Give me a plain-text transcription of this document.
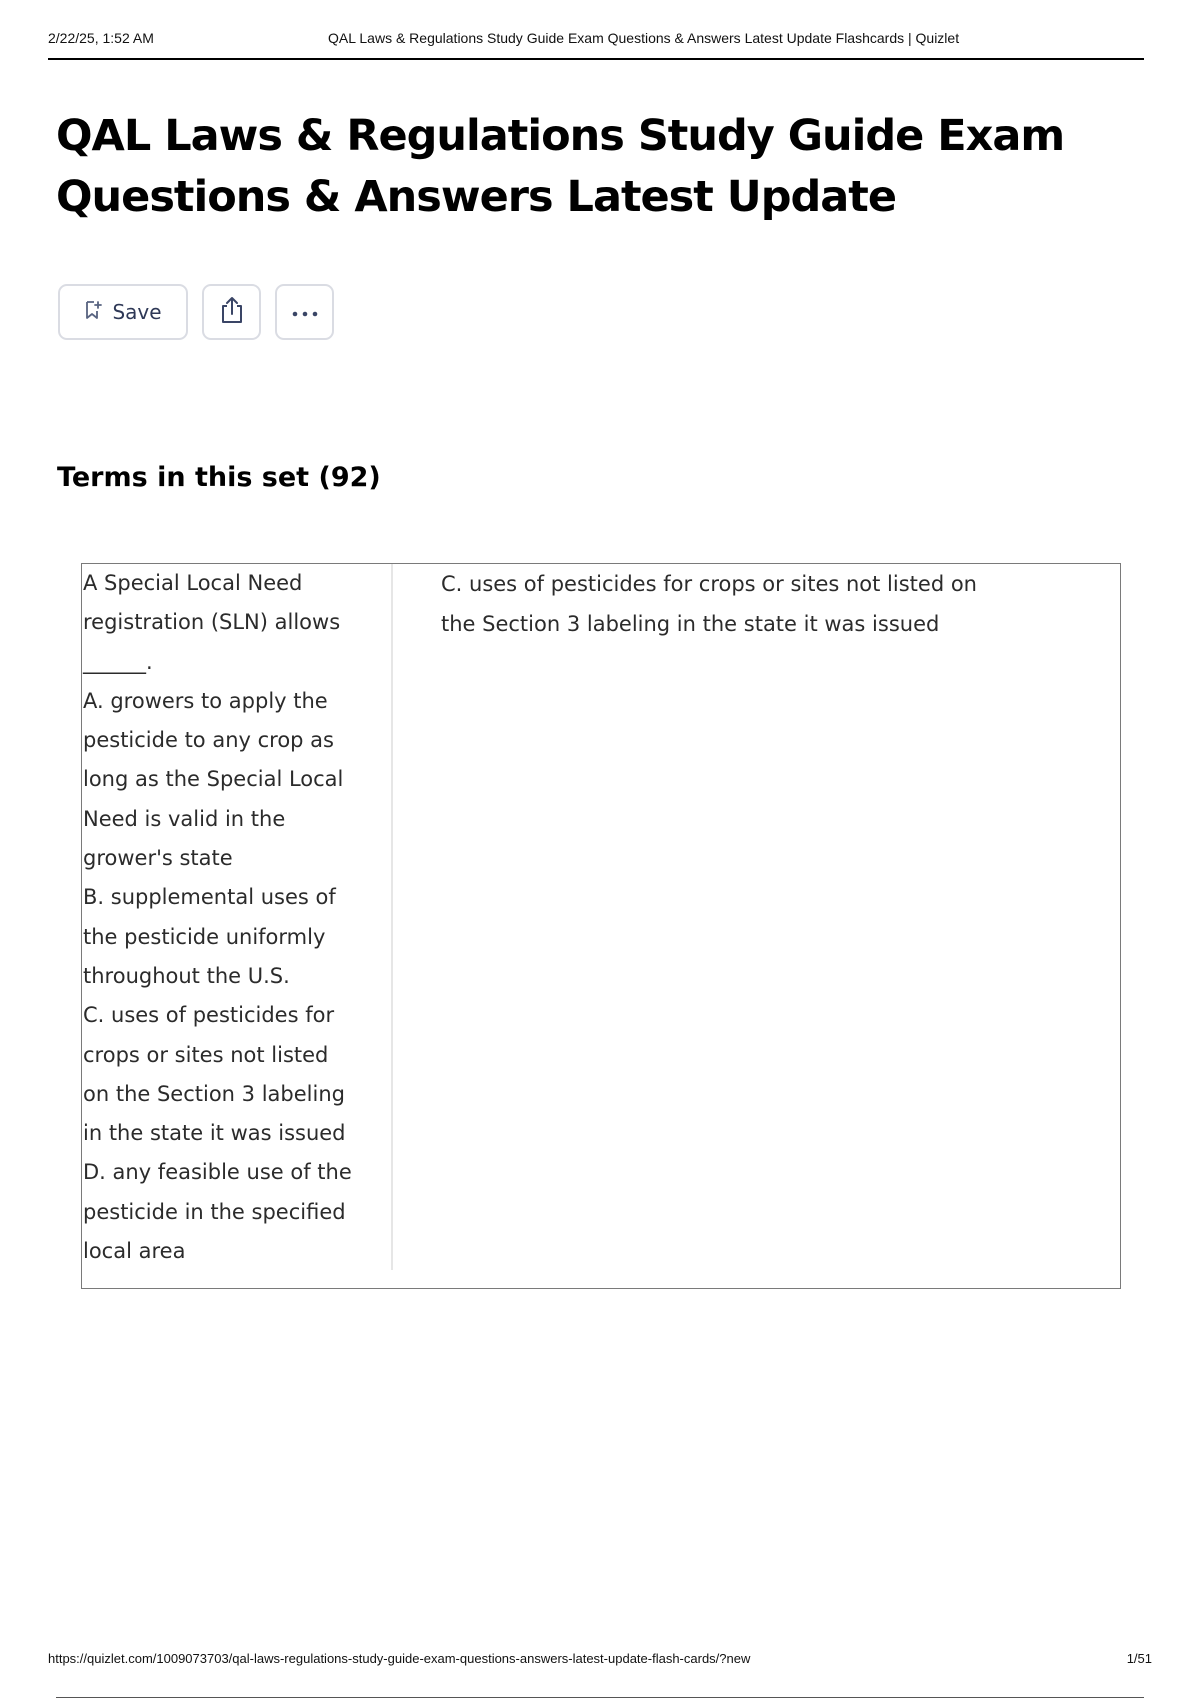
2/22/25, 1:52 AM	QAL Laws & Regulations Study Guide Exam Questions & Answers Latest Update Flashcards | Quizlet
QAL Laws & Regulations Study Guide Exam
Questions & Answers Latest Update
Save
Terms in this set (92)
A Special Local Need
registration (SLN) allows
______.
A. growers to apply the
pesticide to any crop as
long as the Special Local
Need is valid in the
grower's state
B. supplemental uses of
the pesticide uniformly
throughout the U.S.
C. uses of pesticides for
crops or sites not listed
on the Section 3 labeling
in the state it was issued
D. any feasible use of the
pesticide in the specified
local area
C. uses of pesticides for crops or sites not listed on
the Section 3 labeling in the state it was issued
https://quizlet.com/1009073703/qal-laws-regulations-study-guide-exam-questions-answers-latest-update-flash-cards/?new	1/51
